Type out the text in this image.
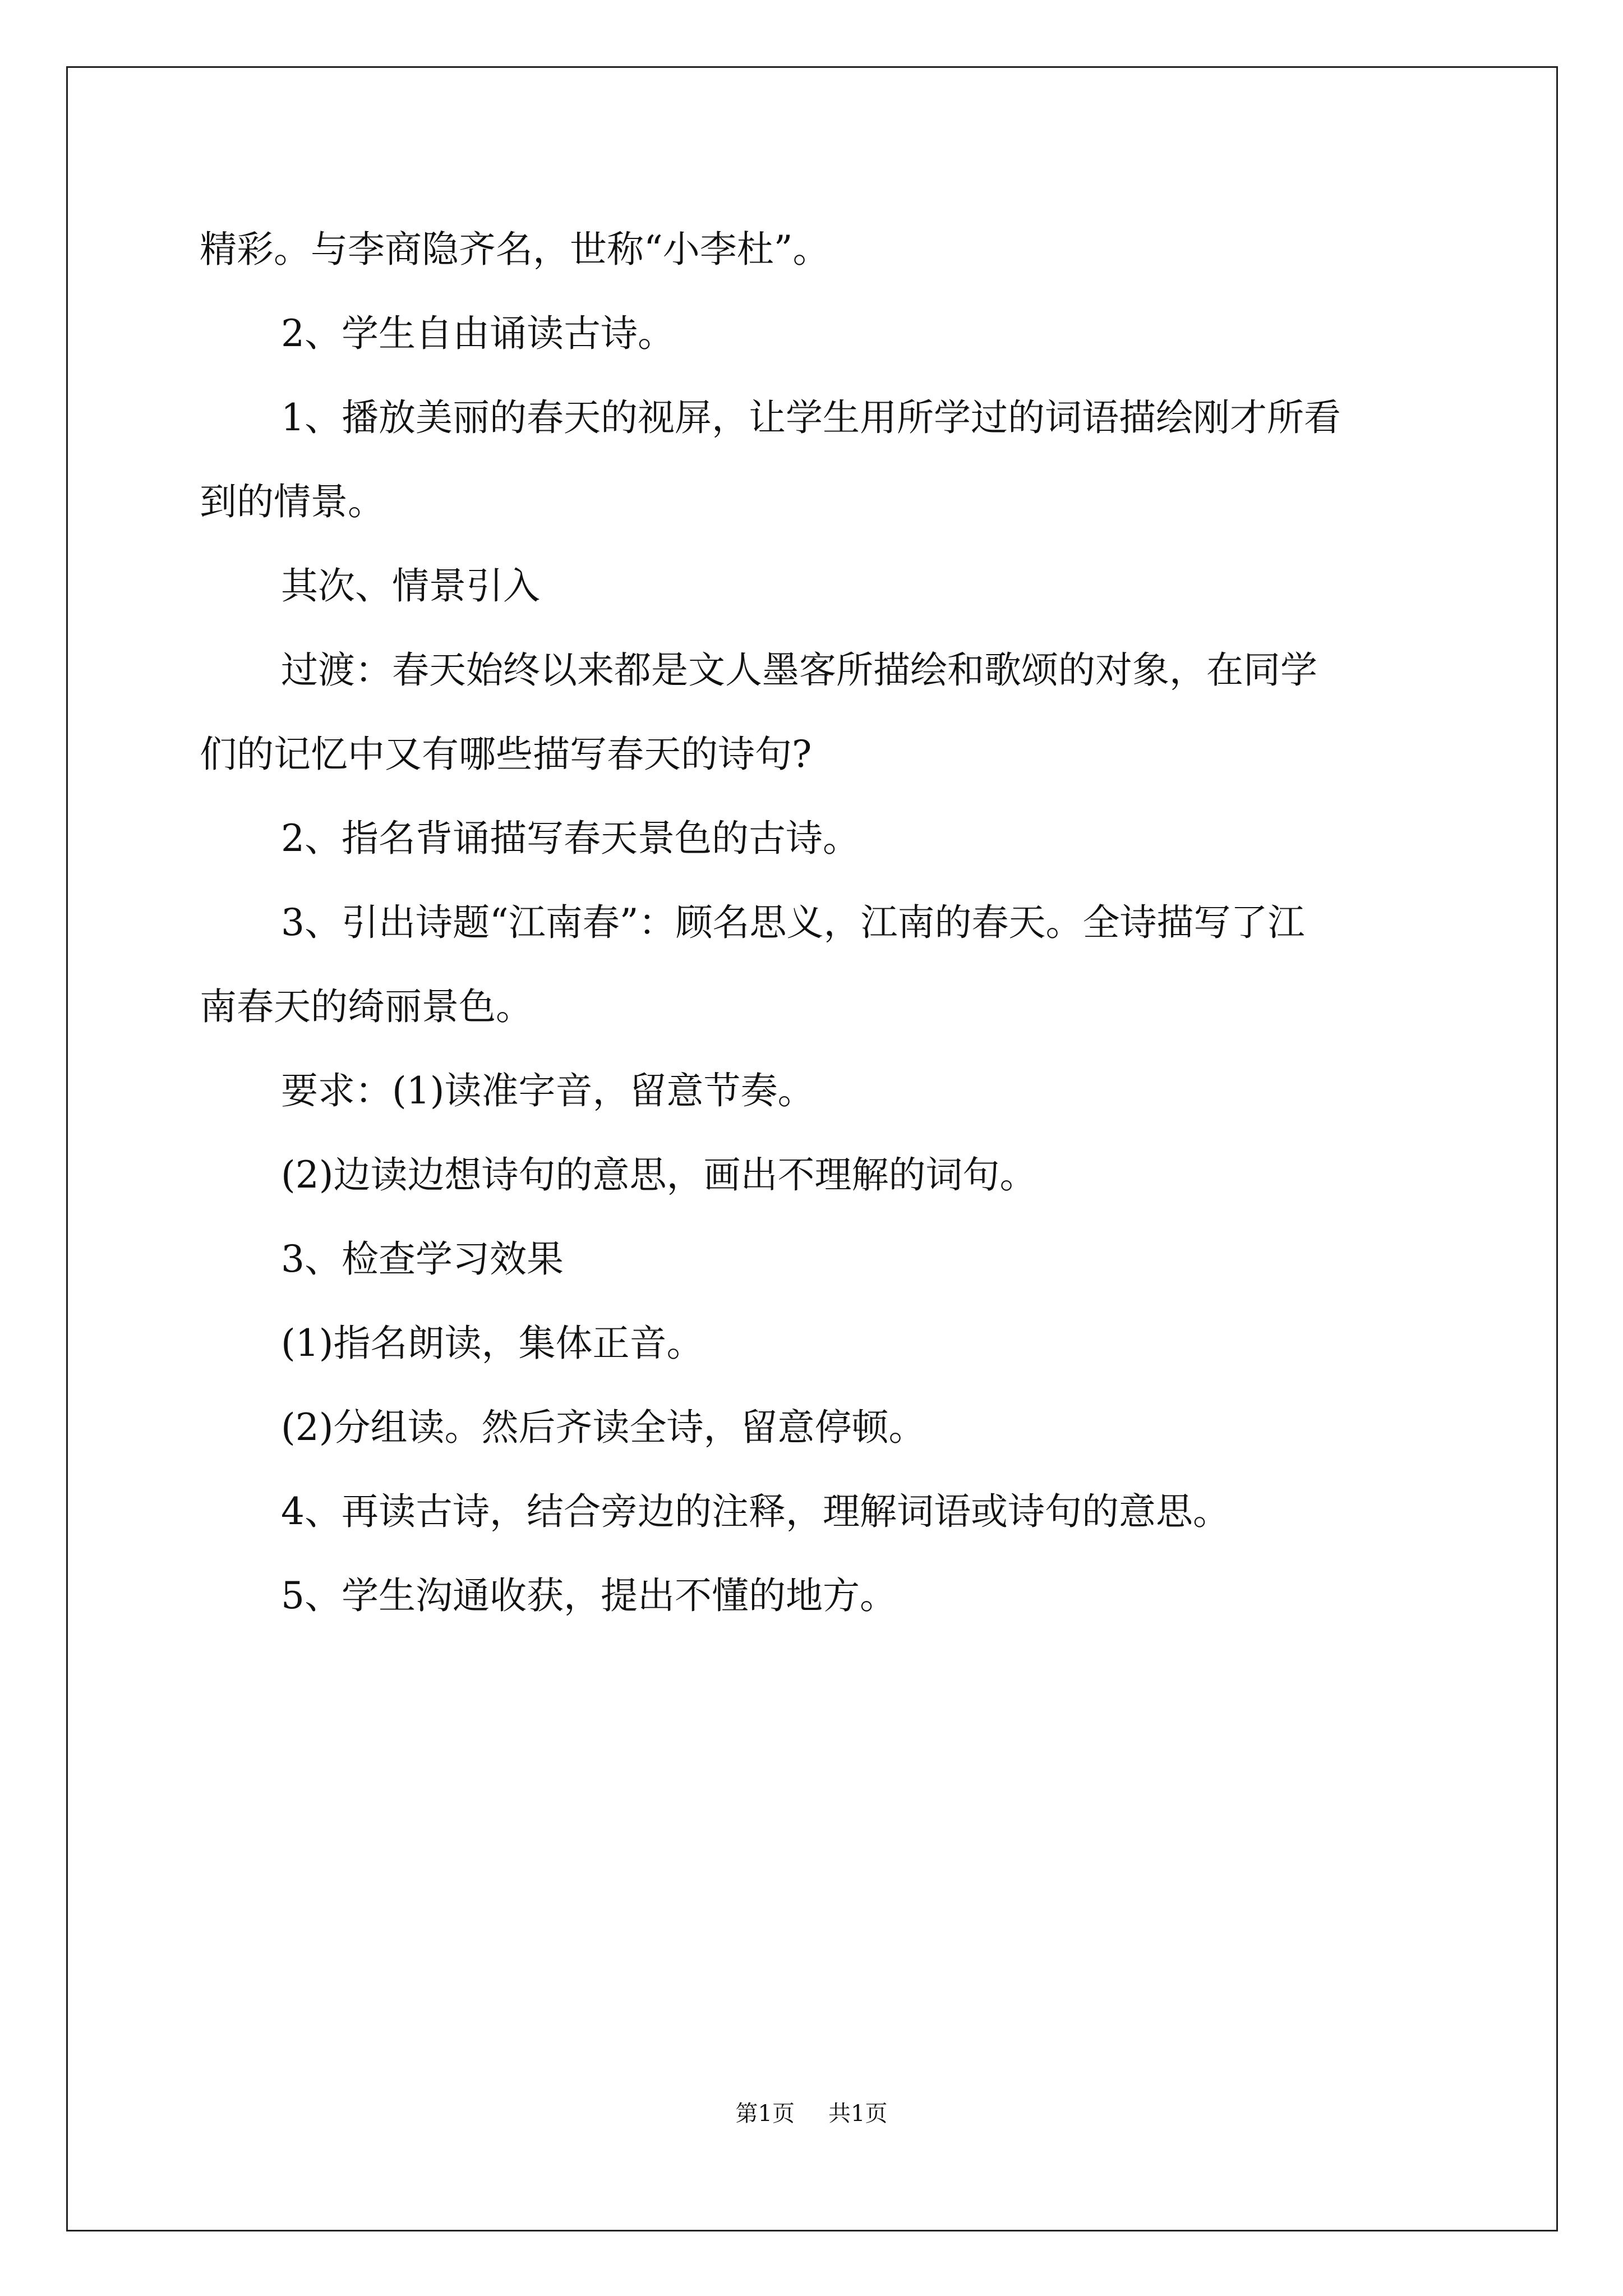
精彩。与李商隐齐名，世称“小李杜”。

2、学生自由诵读古诗。

1、播放美丽的春天的视屏，让学生用所学过的词语描绘刚才所看

到的情景。

其次、情景引入

过渡：春天始终以来都是文人墨客所描绘和歌颂的对象，在同学

们的记忆中又有哪些描写春天的诗句?

2、指名背诵描写春天景色的古诗。

3、引出诗题“江南春”：顾名思义，江南的春天。全诗描写了江

南春天的绮丽景色。

要求：(1)读准字音，留意节奏。

(2)边读边想诗句的意思，画出不理解的词句。

3、检查学习效果

(1)指名朗读，集体正音。

(2)分组读。然后齐读全诗，留意停顿。

4、再读古诗，结合旁边的注释，理解词语或诗句的意思。

5、学生沟通收获，提出不懂的地方。

第1页 共1页
